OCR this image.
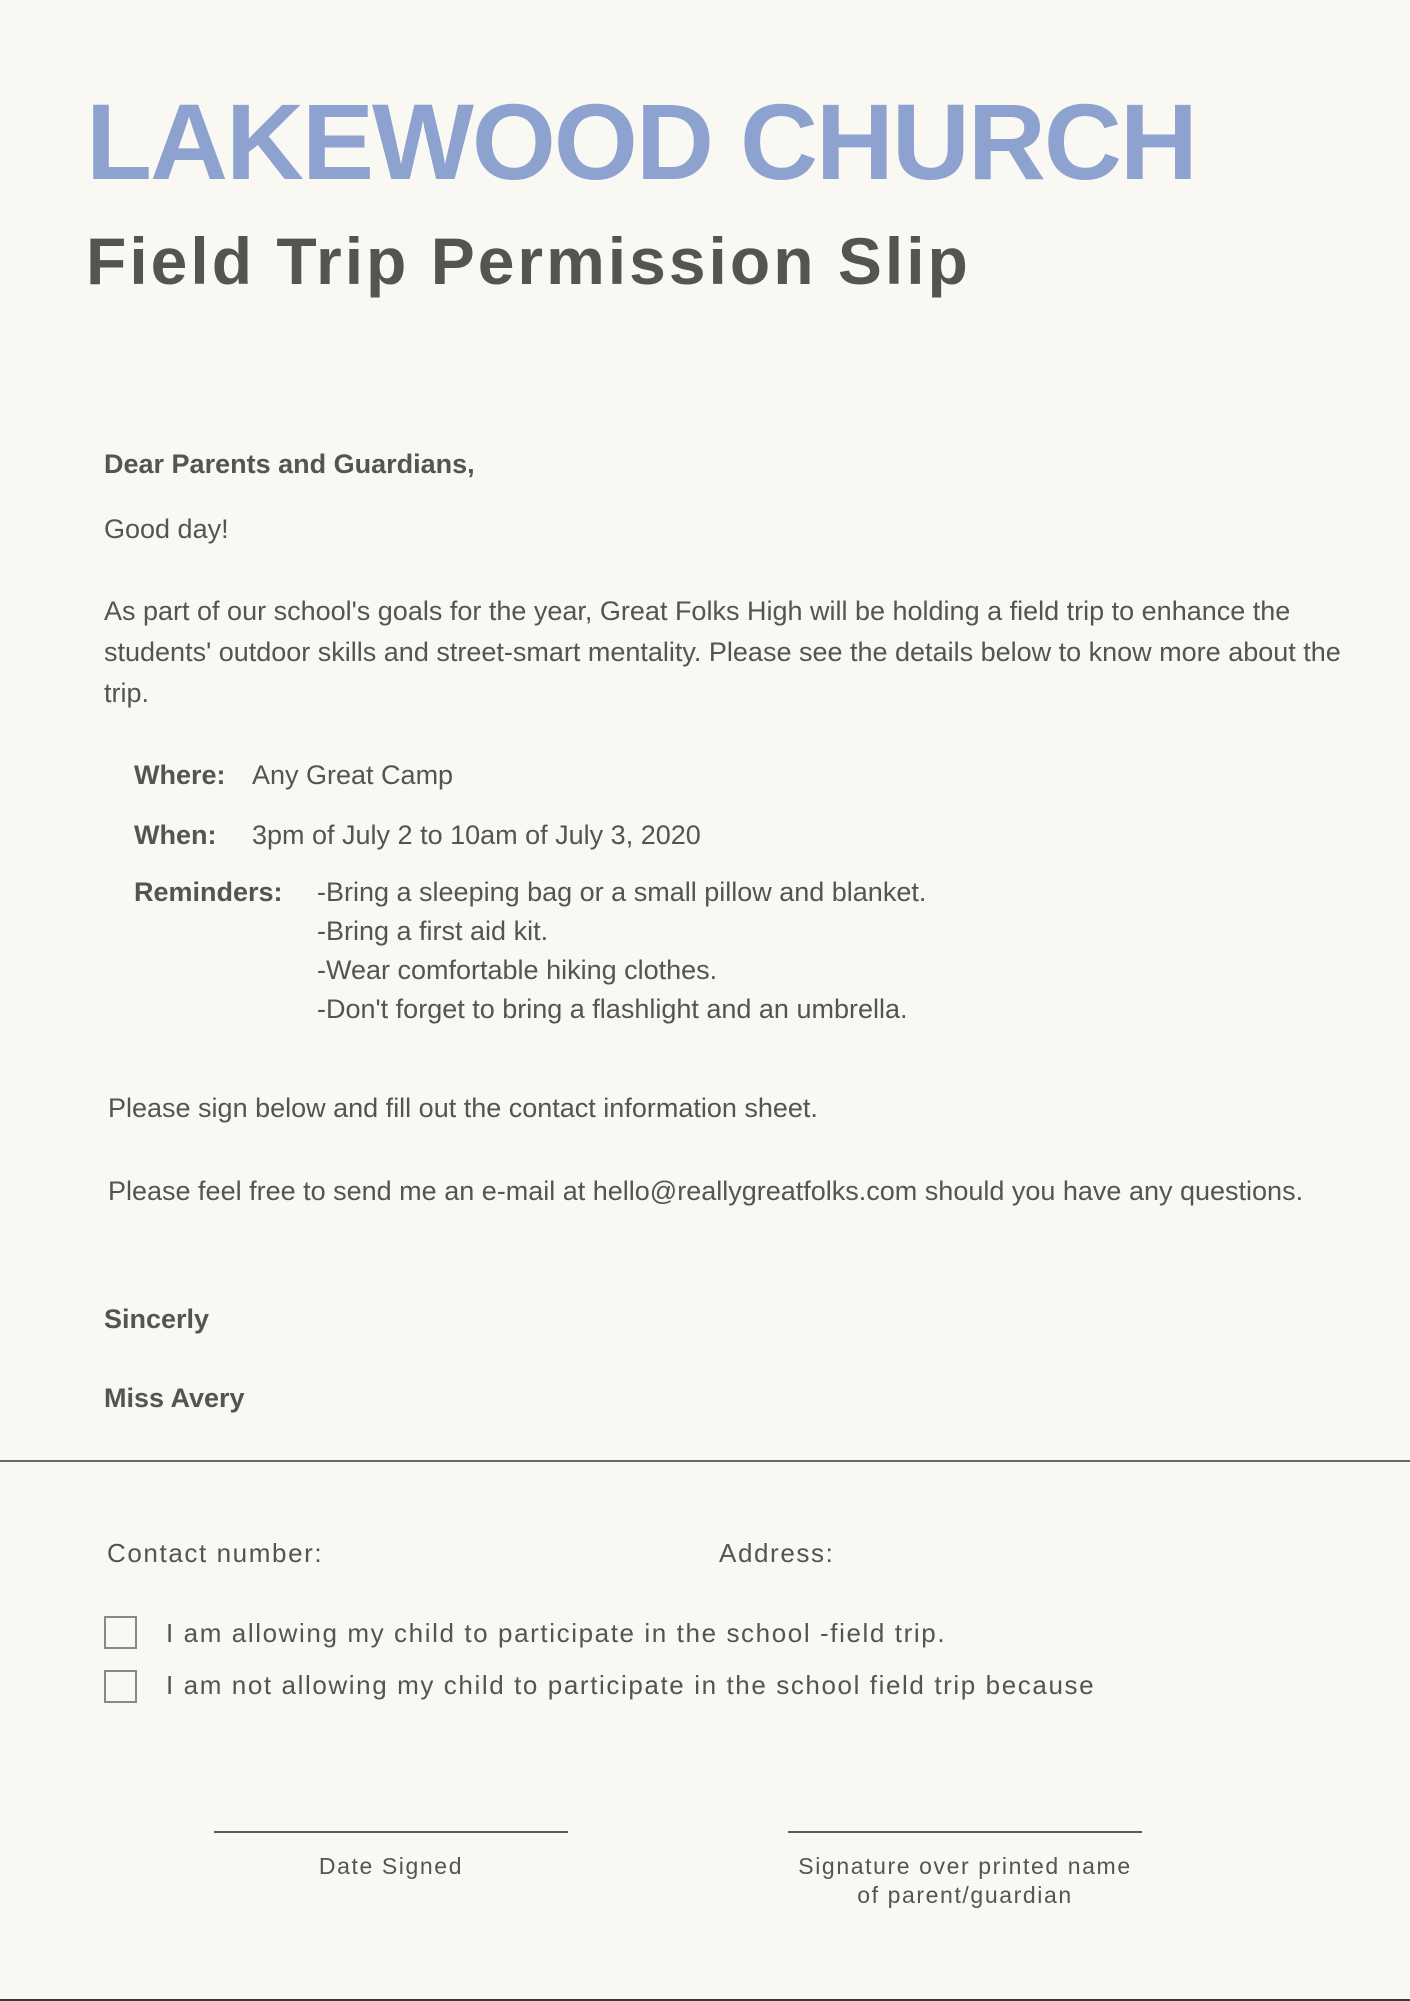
LAKEWOOD CHURCH
Field Trip Permission Slip
Dear Parents and Guardians,
Good day!
As part of our school's goals for the year, Great Folks High will be holding a field trip to enhance the students' outdoor skills and street-smart mentality. Please see the details below to know more about the trip.
Where: Any Great Camp
When: 3pm of July 2 to 10am of July 3, 2020
Reminders: -Bring a sleeping bag or a small pillow and blanket.
-Bring a first aid kit.
-Wear comfortable hiking clothes.
-Don't forget to bring a flashlight and an umbrella.
Please sign below and fill out the contact information sheet.
Please feel free to send me an e-mail at hello@reallygreatfolks.com should you have any questions.
Sincerly
Miss Avery
Contact number:	Address:
I am allowing my child to participate in the school -field trip.
I am not allowing my child to participate in the school field trip because
Date Signed	Signature over printed name
of parent/guardian
